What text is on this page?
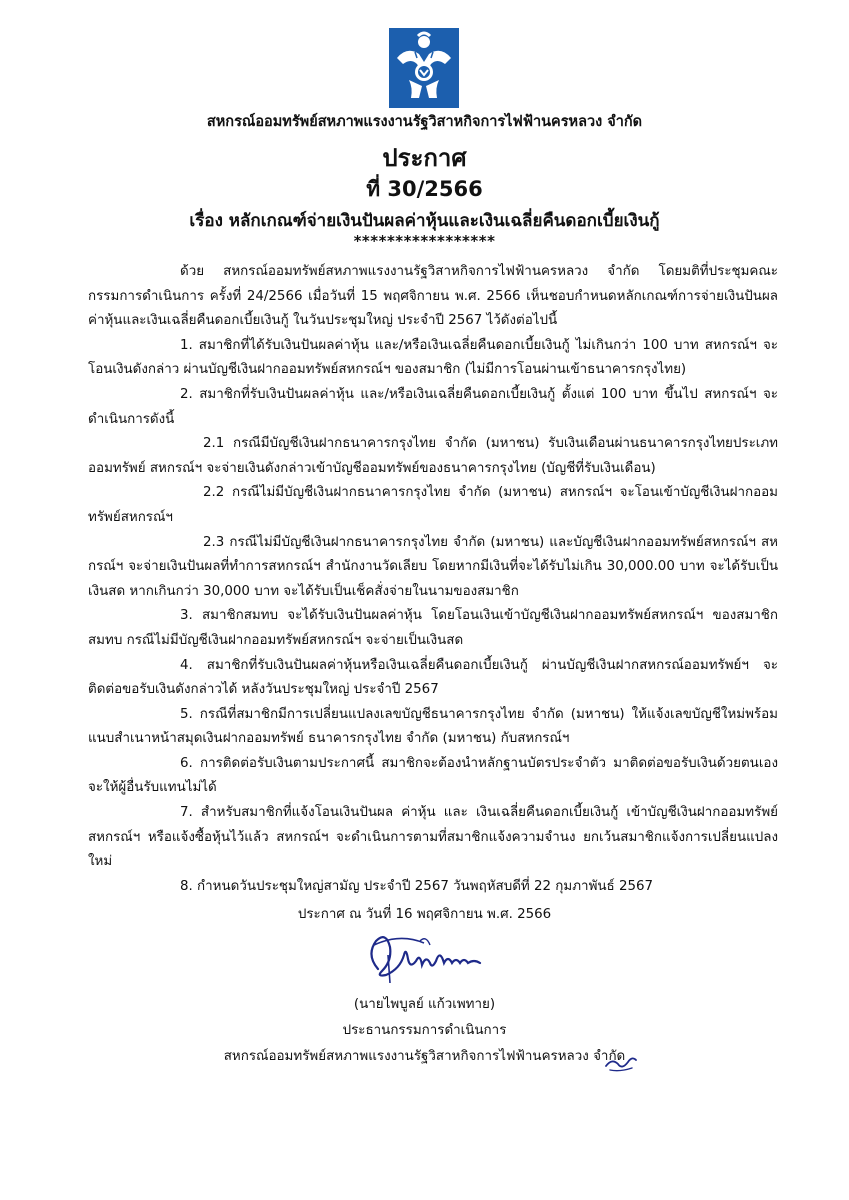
สหกรณ์ออมทรัพย์สหภาพแรงงานรัฐวิสาหกิจการไฟฟ้านครหลวง จำกัด
ประกาศ
ที่ 30/2566
เรื่อง หลักเกณฑ์จ่ายเงินปันผลค่าหุ้นและเงินเฉลี่ยคืนดอกเบี้ยเงินกู้
*****************

ด้วย สหกรณ์ออมทรัพย์สหภาพแรงงานรัฐวิสาหกิจการไฟฟ้านครหลวง จำกัด โดยมติที่ประชุมคณะกรรมการดำเนินการ ครั้งที่ 24/2566 เมื่อวันที่ 15 พฤศจิกายน พ.ศ. 2566 เห็นชอบกำหนดหลักเกณฑ์การจ่ายเงินปันผลค่าหุ้นและเงินเฉลี่ยคืนดอกเบี้ยเงินกู้ ในวันประชุมใหญ่ ประจำปี 2567 ไว้ดังต่อไปนี้

1. สมาชิกที่ได้รับเงินปันผลค่าหุ้น และ/หรือเงินเฉลี่ยคืนดอกเบี้ยเงินกู้ ไม่เกินกว่า 100 บาท สหกรณ์ฯ จะโอนเงินดังกล่าว ผ่านบัญชีเงินฝากออมทรัพย์สหกรณ์ฯ ของสมาชิก (ไม่มีการโอนผ่านเข้าธนาคารกรุงไทย)

2. สมาชิกที่รับเงินปันผลค่าหุ้น และ/หรือเงินเฉลี่ยคืนดอกเบี้ยเงินกู้ ตั้งแต่ 100 บาท ขึ้นไป สหกรณ์ฯ จะดำเนินการดังนี้

2.1 กรณีมีบัญชีเงินฝากธนาคารกรุงไทย จำกัด (มหาชน) รับเงินเดือนผ่านธนาคารกรุงไทยประเภทออมทรัพย์ สหกรณ์ฯ จะจ่ายเงินดังกล่าวเข้าบัญชีออมทรัพย์ของธนาคารกรุงไทย (บัญชีที่รับเงินเดือน)

2.2 กรณีไม่มีบัญชีเงินฝากธนาคารกรุงไทย จำกัด (มหาชน) สหกรณ์ฯ จะโอนเข้าบัญชีเงินฝากออมทรัพย์สหกรณ์ฯ

2.3 กรณีไม่มีบัญชีเงินฝากธนาคารกรุงไทย จำกัด (มหาชน) และบัญชีเงินฝากออมทรัพย์สหกรณ์ฯ สหกรณ์ฯ จะจ่ายเงินปันผลที่ทำการสหกรณ์ฯ สำนักงานวัดเลียบ โดยหากมีเงินที่จะได้รับไม่เกิน 30,000.00 บาท จะได้รับเป็นเงินสด หากเกินกว่า 30,000 บาท จะได้รับเป็นเช็คสั่งจ่ายในนามของสมาชิก

3. สมาชิกสมทบ จะได้รับเงินปันผลค่าหุ้น โดยโอนเงินเข้าบัญชีเงินฝากออมทรัพย์สหกรณ์ฯ ของสมาชิกสมทบ กรณีไม่มีบัญชีเงินฝากออมทรัพย์สหกรณ์ฯ จะจ่ายเป็นเงินสด

4. สมาชิกที่รับเงินปันผลค่าหุ้นหรือเงินเฉลี่ยคืนดอกเบี้ยเงินกู้ ผ่านบัญชีเงินฝากสหกรณ์ออมทรัพย์ฯ จะติดต่อขอรับเงินดังกล่าวได้ หลังวันประชุมใหญ่ ประจำปี 2567

5. กรณีที่สมาชิกมีการเปลี่ยนแปลงเลขบัญชีธนาคารกรุงไทย จำกัด (มหาชน) ให้แจ้งเลขบัญชีใหม่พร้อมแนบสำเนาหน้าสมุดเงินฝากออมทรัพย์ ธนาคารกรุงไทย จำกัด (มหาชน) กับสหกรณ์ฯ

6. การติดต่อรับเงินตามประกาศนี้ สมาชิกจะต้องนำหลักฐานบัตรประจำตัว มาติดต่อขอรับเงินด้วยตนเอง จะให้ผู้อื่นรับแทนไม่ได้

7. สำหรับสมาชิกที่แจ้งโอนเงินปันผล ค่าหุ้น และ เงินเฉลี่ยคืนดอกเบี้ยเงินกู้ เข้าบัญชีเงินฝากออมทรัพย์ สหกรณ์ฯ หรือแจ้งซื้อหุ้นไว้แล้ว สหกรณ์ฯ จะดำเนินการตามที่สมาชิกแจ้งความจำนง ยกเว้นสมาชิกแจ้งการเปลี่ยนแปลงใหม่

8. กำหนดวันประชุมใหญ่สามัญ ประจำปี 2567 วันพฤหัสบดีที่ 22 กุมภาพันธ์ 2567

ประกาศ ณ วันที่ 16 พฤศจิกายน พ.ศ. 2566
(นายไพบูลย์ แก้วเพทาย)
ประธานกรรมการดำเนินการ
สหกรณ์ออมทรัพย์สหภาพแรงงานรัฐวิสาหกิจการไฟฟ้านครหลวง จำกัด
